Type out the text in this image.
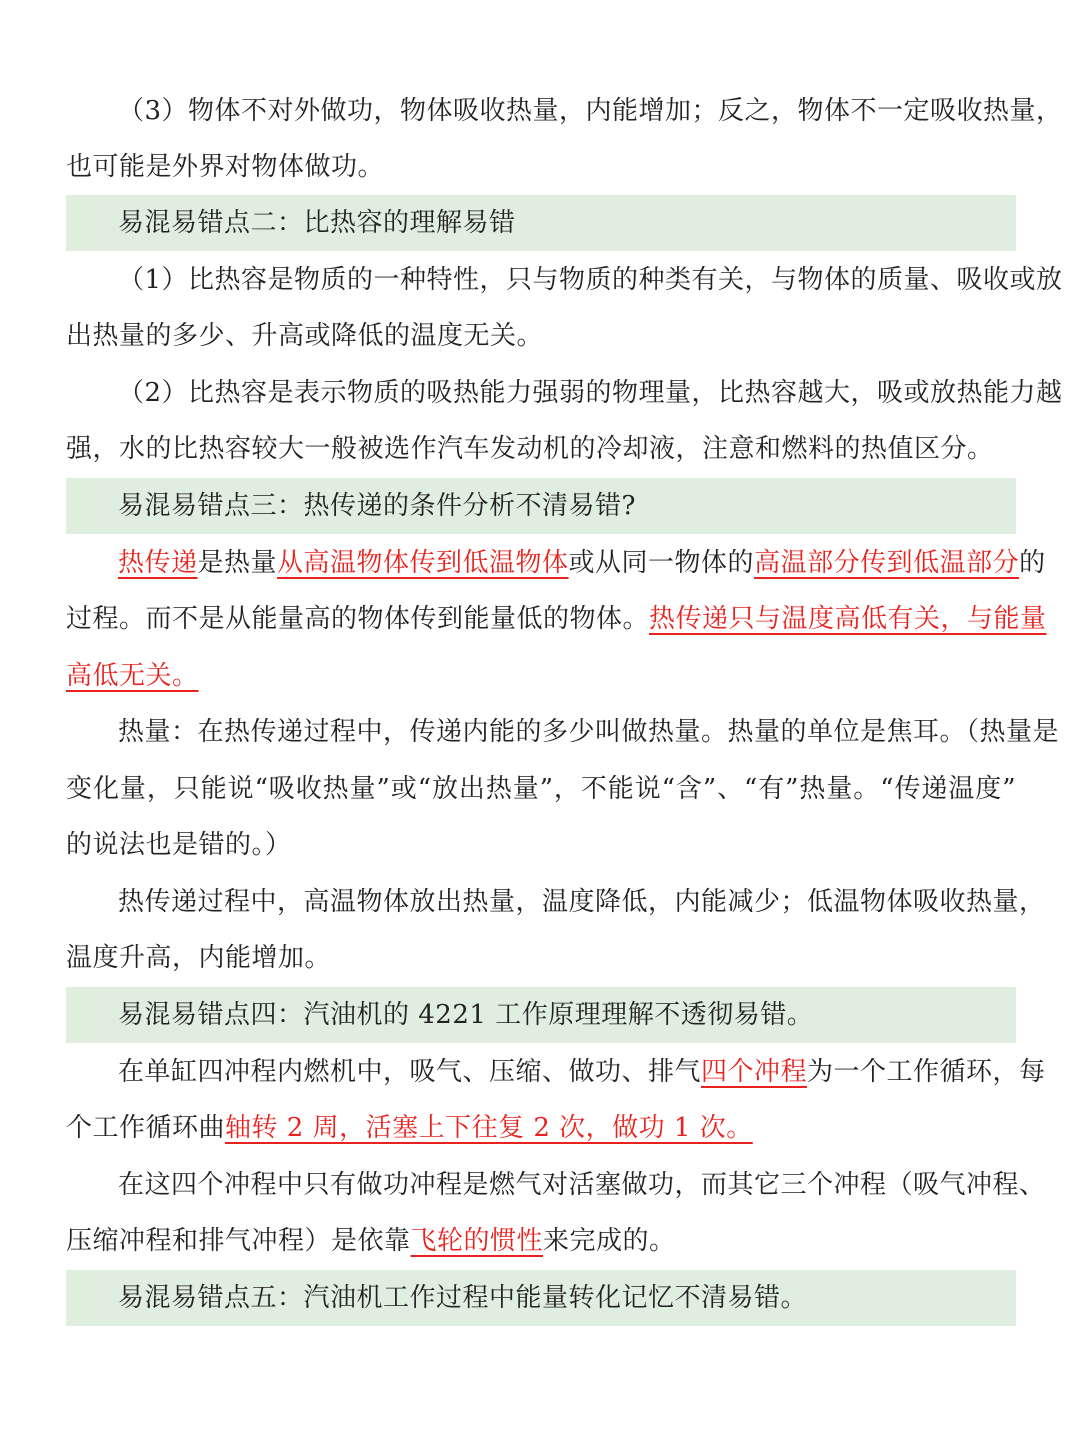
（3）物体不对外做功，物体吸收热量，内能增加；反之，物体不一定吸收热量，
也可能是外界对物体做功。
易混易错点二：比热容的理解易错
（1）比热容是物质的一种特性，只与物质的种类有关，与物体的质量、吸收或放
出热量的多少、升高或降低的温度无关。
（2）比热容是表示物质的吸热能力强弱的物理量，比热容越大，吸或放热能力越
强，水的比热容较大一般被选作汽车发动机的冷却液，注意和燃料的热值区分。
易混易错点三：热传递的条件分析不清易错?
热传递是热量从高温物体传到低温物体或从同一物体的高温部分传到低温部分的
过程。而不是从能量高的物体传到能量低的物体。热传递只与温度高低有关，与能量
高低无关。
热量：在热传递过程中，传递内能的多少叫做热量。热量的单位是焦耳。（热量是
变化量，只能说“吸收热量”或“放出热量”，不能说“含”、“有”热量。“传递温度”
的说法也是错的。）
热传递过程中，高温物体放出热量，温度降低，内能减少；低温物体吸收热量，
温度升高，内能增加。
易混易错点四：汽油机的 4221 工作原理理解不透彻易错。
在单缸四冲程内燃机中，吸气、压缩、做功、排气四个冲程为一个工作循环，每
个工作循环曲轴转 2 周，活塞上下往复 2 次，做功 1 次。
在这四个冲程中只有做功冲程是燃气对活塞做功，而其它三个冲程（吸气冲程、
压缩冲程和排气冲程）是依靠飞轮的惯性来完成的。
易混易错点五：汽油机工作过程中能量转化记忆不清易错。
